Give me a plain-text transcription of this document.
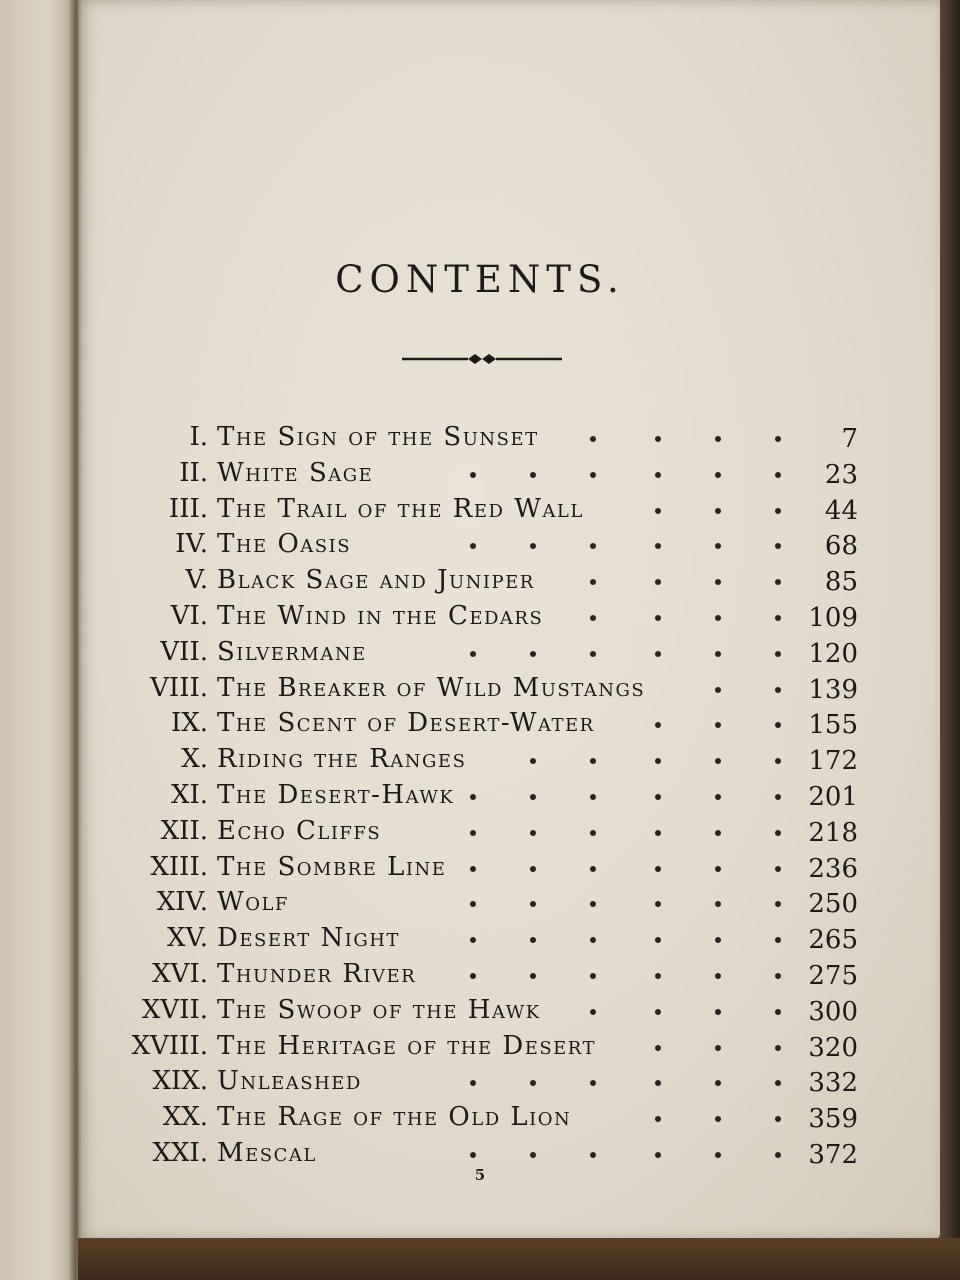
CONTENTS.
I. The Sign of the Sunset	7
II. White Sage	23
III. The Trail of the Red Wall	44
IV. The Oasis	68
V. Black Sage and Juniper	85
VI. The Wind in the Cedars	109
VII. Silvermane	120
VIII. The Breaker of Wild Mustangs	139
IX. The Scent of Desert-Water	155
X. Riding the Ranges	172
XI. The Desert-Hawk	201
XII. Echo Cliffs	218
XIII. The Sombre Line	236
XIV. Wolf	250
XV. Desert Night	265
XVI. Thunder River	275
XVII. The Swoop of the Hawk	300
XVIII. The Heritage of the Desert	320
XIX. Unleashed	332
XX. The Rage of the Old Lion	359
XXI. Mescal	372
5
